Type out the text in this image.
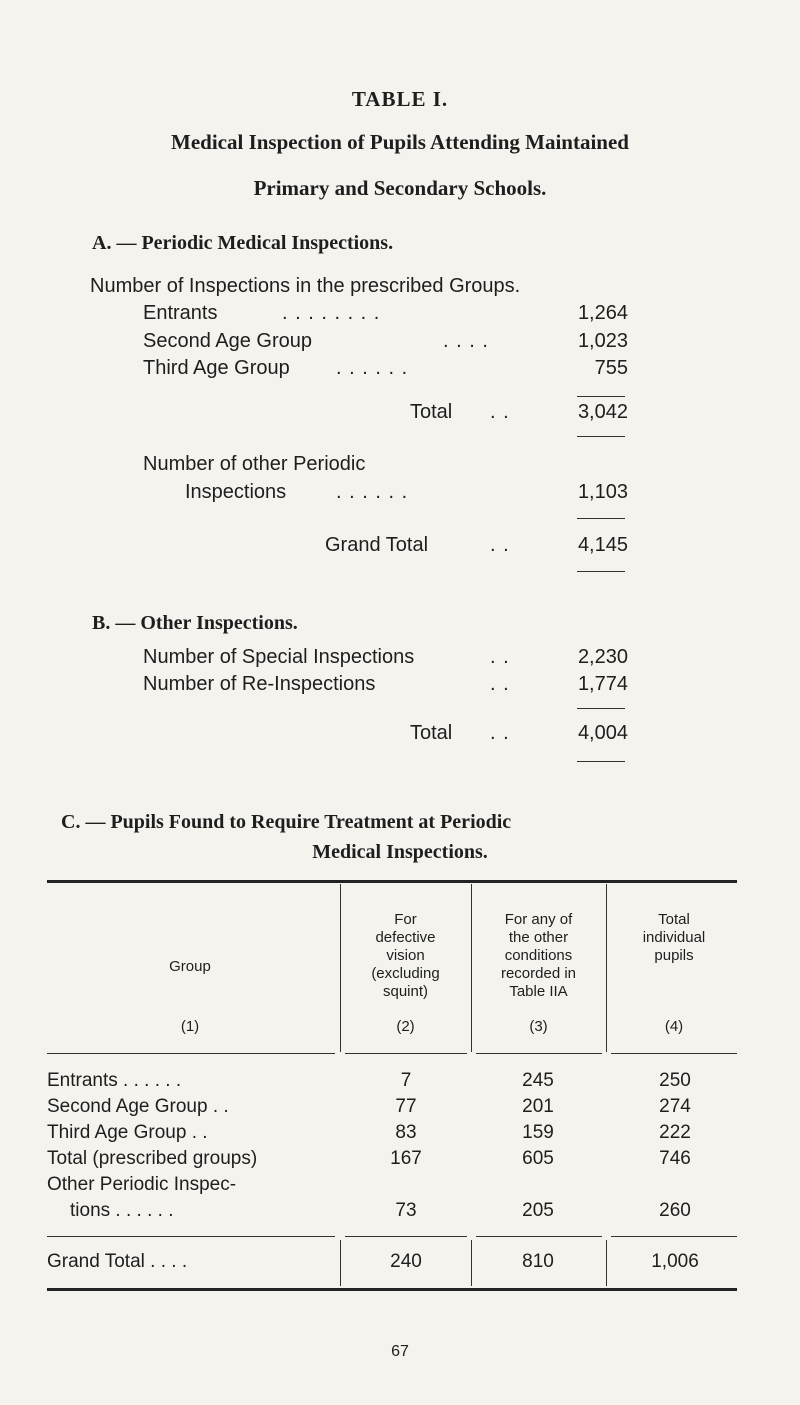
TABLE I.
Medical Inspection of Pupils Attending Maintained
Primary and Secondary Schools.
A. — Periodic Medical Inspections.
Number of Inspections in the prescribed Groups.
Entrants	. . . . . . . .	1,264
Second Age Group	. . . .	1,023
Third Age Group . . . . . .	755
Total . .	3,042
Number of other Periodic
Inspections . . . . . .	1,103
Grand Total	. .	4,145
B. — Other Inspections.
Number of Special Inspections	. .	2,230
Number of Re-Inspections	. .	1,774
Total . .	4,004
C. — Pupils Found to Require Treatment at Periodic
Medical Inspections.
Group
(1)
For
defective
vision
(excluding
squint)
(2)
For any of
the other
conditions
recorded in
Table IIA
(3)
Total
individual
pupils
(4)
Entrants . . . . . .	7	245	250
Second Age Group . .	77	201	274
Third Age Group . .	83	159	222
Total (prescribed groups)	167	605	746
Other Periodic Inspec-
tions . . . . . .	73	205	260
Grand Total . . . .	240	810	1,006
67
